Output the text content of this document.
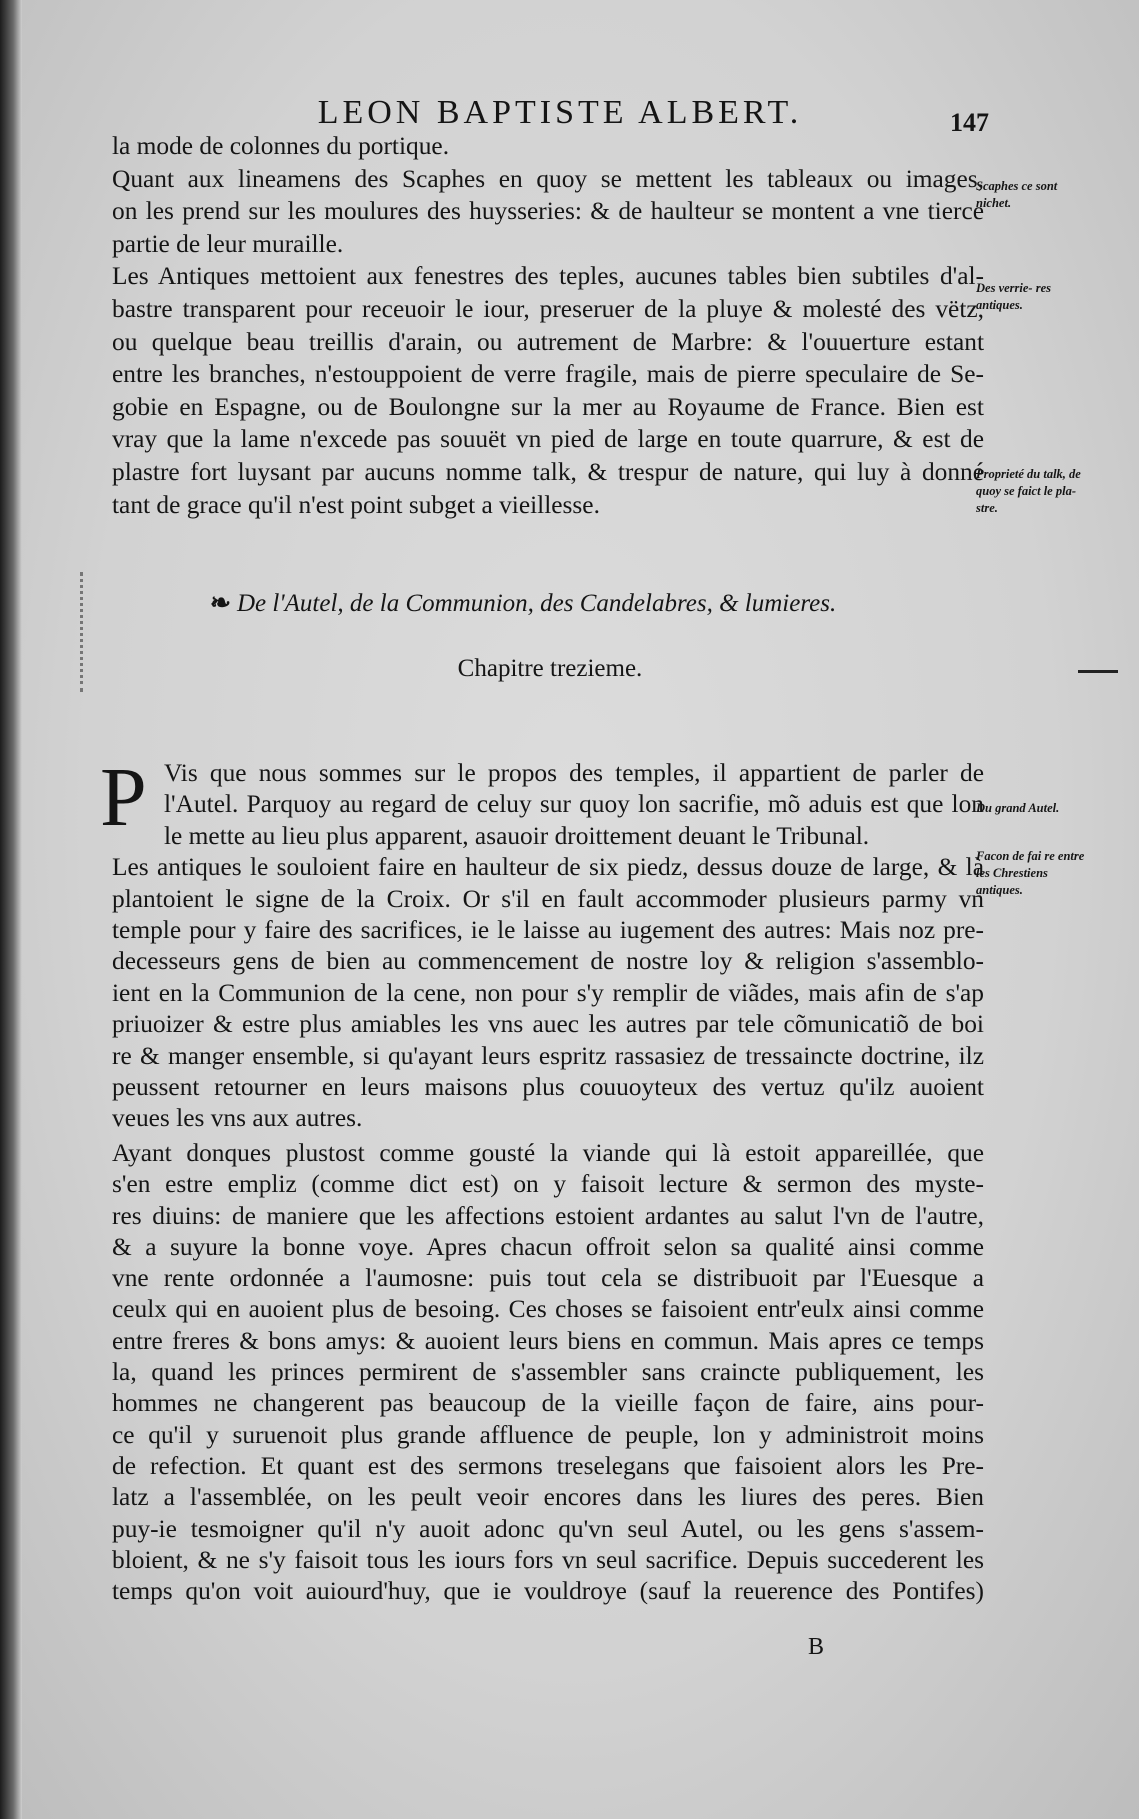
LEON BAPTISTE ALBERT.	147
la mode de colonnes du portique.
Quant aux lineamens des Scaphes en quoy se mettent les tableaux ou images,
on les prend sur les moulures des huysseries: & de haulteur se montent a vne tierce
partie de leur muraille.
Les Antiques mettoient aux fenestres des teples, aucunes tables bien subtiles d'al-
bastre transparent pour receuoir le iour, preseruer de la pluye & molesté des vëtz,
ou quelque beau treillis d'arain, ou autrement de Marbre: & l'ouuerture estant
entre les branches, n'estouppoient de verre fragile, mais de pierre speculaire de Se-
gobie en Espagne, ou de Boulongne sur la mer au Royaume de France. Bien est
vray que la lame n'excede pas souuët vn pied de large en toute quarrure, & est de
plastre fort luysant par aucuns nomme talk, & trespur de nature, qui luy à donné
tant de grace qu'il n'est point subget a vieillesse.
Scaphes ce sont nichet.
Des verrie- res antiques.
Proprieté du talk, de quoy se faict le pla- stre.
❧ De l'Autel, de la Communion, des Candelabres, & lumieres.
Chapitre trezieme.
P Vis que nous sommes sur le propos des temples, il appartient de parler de
l'Autel. Parquoy au regard de celuy sur quoy lon sacrifie, mõ aduis est que lon
le mette au lieu plus apparent, asauoir droittement deuant le Tribunal.
Les antiques le souloient faire en haulteur de six piedz, dessus douze de large, & là
plantoient le signe de la Croix. Or s'il en fault accommoder plusieurs parmy vn
temple pour y faire des sacrifices, ie le laisse au iugement des autres: Mais noz pre-
decesseurs gens de bien au commencement de nostre loy & religion s'assemblo-
ient en la Communion de la cene, non pour s'y remplir de viãdes, mais afin de s'ap
priuoizer & estre plus amiables les vns auec les autres par tele cõmunicatiõ de boi
re & manger ensemble, si qu'ayant leurs espritz rassasiez de tressaincte doctrine, ilz
peussent retourner en leurs maisons plus couuoyteux des vertuz qu'ilz auoient
veues les vns aux autres.
Du grand Autel.
Facon de fai re entre les Chrestiens antiques.
Ayant donques plustost comme gousté la viande qui là estoit appareillée, que
s'en estre empliz (comme dict est) on y faisoit lecture & sermon des myste-
res diuins: de maniere que les affections estoient ardantes au salut l'vn de l'autre,
& a suyure la bonne voye. Apres chacun offroit selon sa qualité ainsi comme
vne rente ordonnée a l'aumosne: puis tout cela se distribuoit par l'Euesque a
ceulx qui en auoient plus de besoing. Ces choses se faisoient entr'eulx ainsi comme
entre freres & bons amys: & auoient leurs biens en commun. Mais apres ce temps
la, quand les princes permirent de s'assembler sans craincte publiquement, les
hommes ne changerent pas beaucoup de la vieille façon de faire, ains pour-
ce qu'il y suruenoit plus grande affluence de peuple, lon y administroit moins
de refection. Et quant est des sermons treselegans que faisoient alors les Pre-
latz a l'assemblée, on les peult veoir encores dans les liures des peres. Bien
puy-ie tesmoigner qu'il n'y auoit adonc qu'vn seul Autel, ou les gens s'assem-
bloient, & ne s'y faisoit tous les iours fors vn seul sacrifice. Depuis succederent les
temps qu'on voit auiourd'huy, que ie vouldroye (sauf la reuerence des Pontifes)
B
